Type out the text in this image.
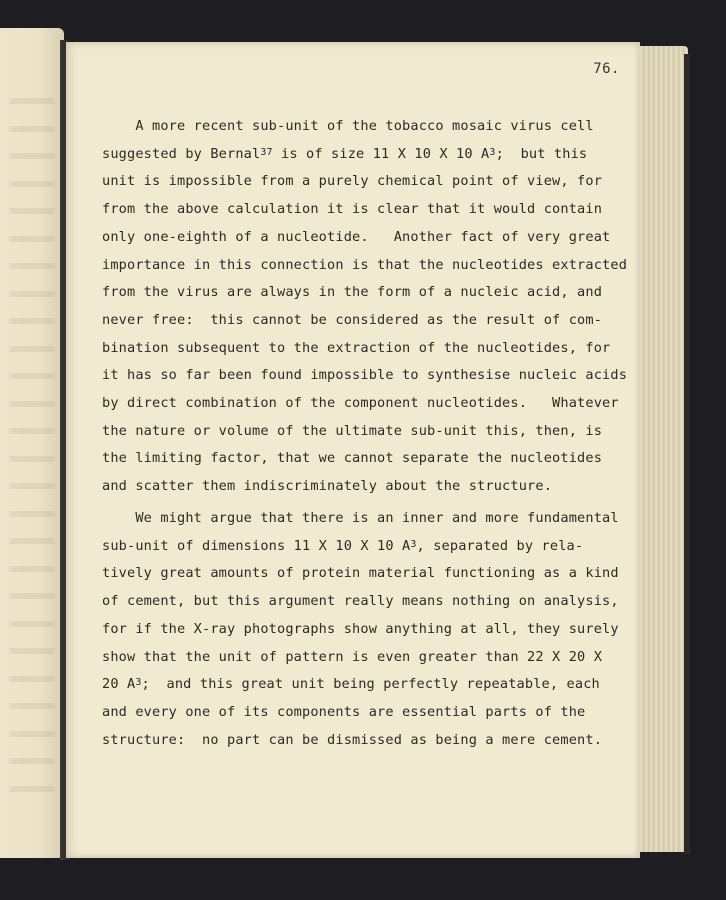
76.
A more recent sub-unit of the tobacco mosaic virus cell
suggested by Bernal$^{37}$ is of size 11 X 10 X 10 $A^3$;  but this
unit is impossible from a purely chemical point of view, for
from the above calculation it is clear that it would contain
only one-eighth of a nucleotide.   Another fact of very great
importance in this connection is that the nucleotides extracted
from the virus are always in the form of a nucleic acid, and
never free:  this cannot be considered as the result of com-
bination subsequent to the extraction of the nucleotides, for
it has so far been found impossible to synthesise nucleic acids
by direct combination of the component nucleotides.   Whatever
the nature or volume of the ultimate sub-unit this, then, is
the limiting factor, that we cannot separate the nucleotides
and scatter them indiscriminately about the structure.
We might argue that there is an inner and more fundamental
sub-unit of dimensions 11 X 10 X 10 $A^3$, separated by rela-
tively great amounts of protein material functioning as a kind
of cement, but this argument really means nothing on analysis,
for if the X-ray photographs show anything at all, they surely
show that the unit of pattern is even greater than 22 X 20 X
20 $A^3$;  and this great unit being perfectly repeatable, each
and every one of its components are essential parts of the
structure:  no part can be dismissed as being a mere cement.
